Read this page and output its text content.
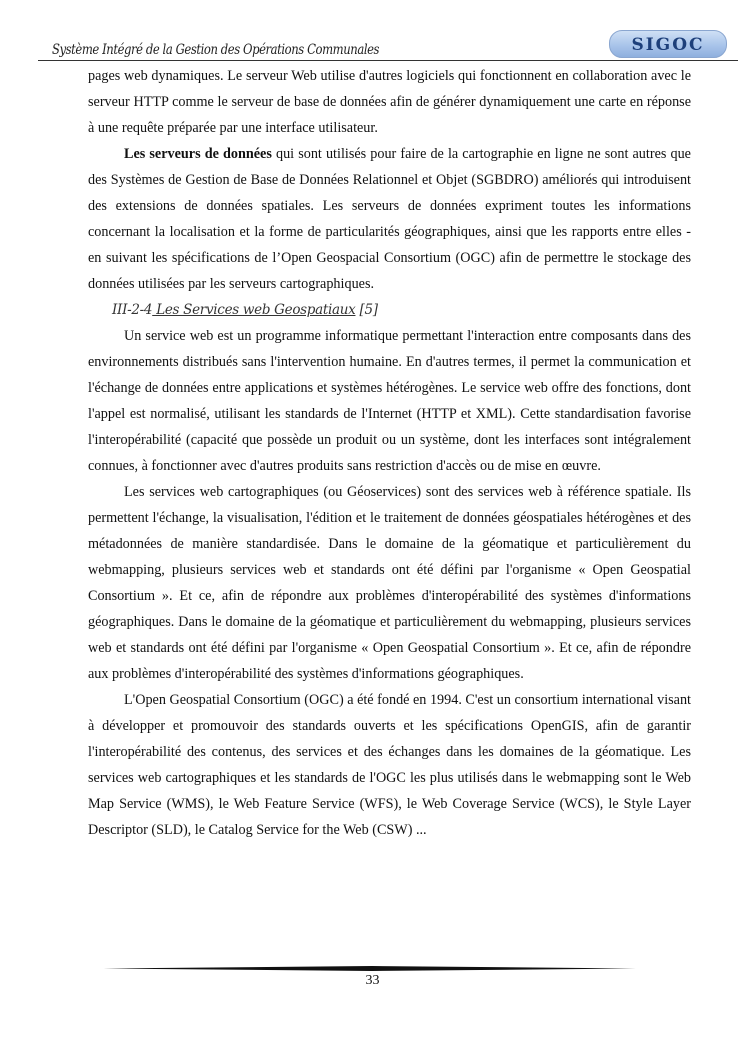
Système Intégré de la Gestion des Opérations Communales	SIGOC

pages web dynamiques. Le serveur Web utilise d'autres logiciels qui fonctionnent en collaboration avec le serveur HTTP comme le serveur de base de données afin de générer dynamiquement une carte en réponse à une requête préparée par une interface utilisateur.

Les serveurs de données qui sont utilisés pour faire de la cartographie en ligne ne sont autres que des Systèmes de Gestion de Base de Données Relationnel et Objet (SGBDRO) améliorés qui introduisent des extensions de données spatiales. Les serveurs de données expriment toutes les informations concernant la localisation et la forme de particularités géographiques, ainsi que les rapports entre elles - en suivant les spécifications de l’Open Geospacial Consortium (OGC) afin de permettre le stockage des données utilisées par les serveurs cartographiques.

III-2-4 Les Services web Geospatiaux [5]

Un service web est un programme informatique permettant l'interaction entre composants dans des environnements distribués sans l'intervention humaine. En d'autres termes, il permet la communication et l'échange de données entre applications et systèmes hétérogènes. Le service web offre des fonctions, dont l'appel est normalisé, utilisant les standards de l'Internet (HTTP et XML). Cette standardisation favorise l'interopérabilité (capacité que possède un produit ou un système, dont les interfaces sont intégralement connues, à fonctionner avec d'autres produits sans restriction d'accès ou de mise en œuvre.

Les services web cartographiques (ou Géoservices) sont des services web à référence spatiale. Ils permettent l'échange, la visualisation, l'édition et le traitement de données géospatiales hétérogènes et des métadonnées de manière standardisée. Dans le domaine de la géomatique et particulièrement du webmapping, plusieurs services web et standards ont été défini par l'organisme « Open Geospatial Consortium ». Et ce, afin de répondre aux problèmes d'interopérabilité des systèmes d'informations géographiques. Dans le domaine de la géomatique et particulièrement du webmapping, plusieurs services web et standards ont été défini par l'organisme « Open Geospatial Consortium ». Et ce, afin de répondre aux problèmes d'interopérabilité des systèmes d'informations géographiques.

L'Open Geospatial Consortium (OGC) a été fondé en 1994. C'est un consortium international visant à développer et promouvoir des standards ouverts et les spécifications OpenGIS, afin de garantir l'interopérabilité des contenus, des services et des échanges dans les domaines de la géomatique. Les services web cartographiques et les standards de l'OGC les plus utilisés dans le webmapping sont le Web Map Service (WMS), le Web Feature Service (WFS), le Web Coverage Service (WCS), le Style Layer Descriptor (SLD), le Catalog Service for the Web (CSW) ...

33
